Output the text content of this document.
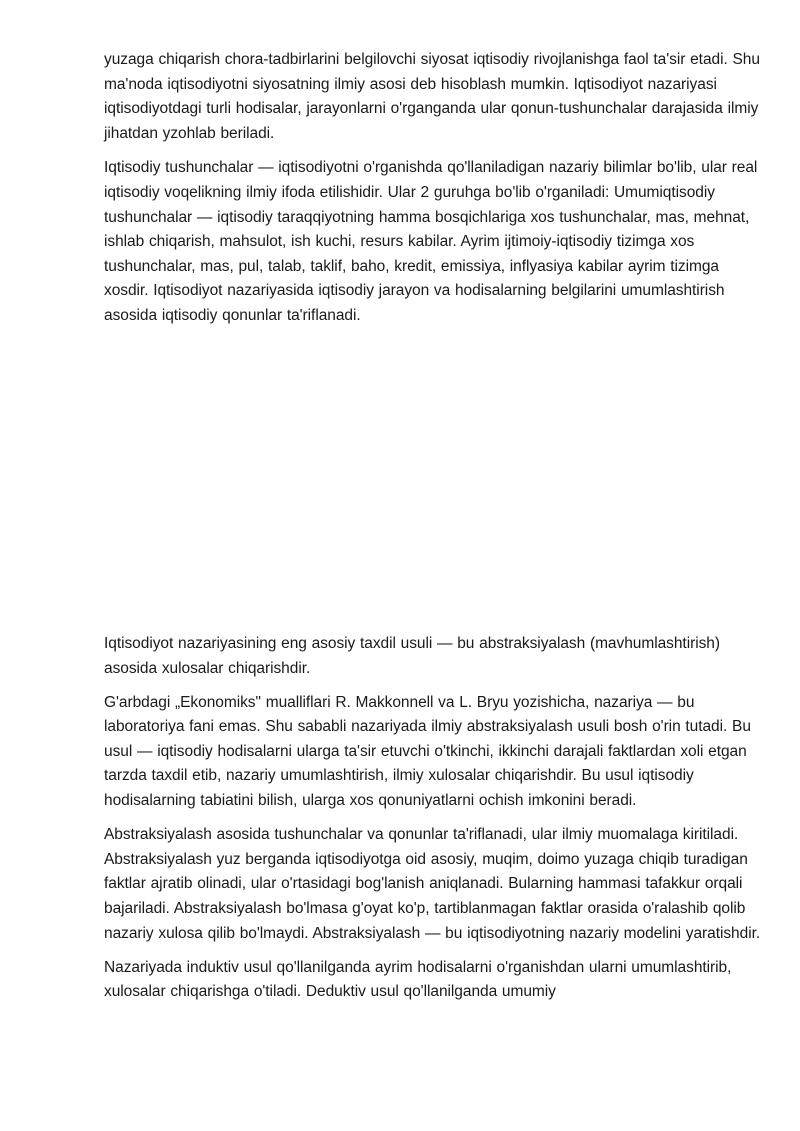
yuzaga chiqarish chora-tadbirlarini belgilovchi siyosat iqtisodiy rivojlanishga faol ta'sir etadi. Shu ma'noda iqtisodiyotni siyosatning ilmiy asosi deb hisoblash mumkin. Iqtisodiyot nazariyasi iqtisodiyotdagi turli hodisalar, jarayonlarni o'rganganda ular qonun-tushunchalar darajasida ilmiy jihatdan yzohlab beriladi.

Iqtisodiy tushunchalar — iqtisodiyotni o'rganishda qo'llaniladigan nazariy bilimlar bo'lib, ular real iqtisodiy voqelikning ilmiy ifoda etilishidir. Ular 2 guruhga bo'lib o'rganiladi: Umumiqtisodiy tushunchalar — iqtisodiy taraqqiyotning hamma bosqichlariga xos tushunchalar, mas, mehnat, ishlab chiqarish, mahsulot, ish kuchi, resurs kabilar. Ayrim ijtimoiy-iqtisodiy tizimga xos tushunchalar, mas, pul, talab, taklif, baho, kredit, emissiya, inflyasiya kabilar ayrim tizimga xosdir. Iqtisodiyot nazariyasida iqtisodiy jarayon va hodisalarning belgilarini umumlashtirish asosida iqtisodiy qonunlar ta'riflanadi.

Iqtisodiyot nazariyasining eng asosiy taxdil usuli — bu abstraksiyalash (mavhumlashtirish) asosida xulosalar chiqarishdir.

G'arbdagi „Ekonomiks" mualliflari R. Makkonnell va L. Bryu yozishicha, nazariya — bu laboratoriya fani emas. Shu sababli nazariyada ilmiy abstraksiyalash usuli bosh o'rin tutadi. Bu usul — iqtisodiy hodisalarni ularga ta'sir etuvchi o'tkinchi, ikkinchi darajali faktlardan xoli etgan tarzda taxdil etib, nazariy umumlashtirish, ilmiy xulosalar chiqarishdir. Bu usul iqtisodiy hodisalarning tabiatini bilish, ularga xos qonuniyatlarni ochish imkonini beradi.

Abstraksiyalash asosida tushunchalar va qonunlar ta'riflanadi, ular ilmiy muomalaga kiritiladi. Abstraksiyalash yuz berganda iqtisodiyotga oid asosiy, muqim, doimo yuzaga chiqib turadigan faktlar ajratib olinadi, ular o'rtasidagi bog'lanish aniqlanadi. Bularning hammasi tafakkur orqali bajariladi. Abstraksiyalash bo'lmasa g'oyat ko'p, tartiblanmagan faktlar orasida o'ralashib qolib nazariy xulosa qilib bo'lmaydi. Abstraksiyalash — bu iqtisodiyotning nazariy modelini yaratishdir.

Nazariyada induktiv usul qo'llanilganda ayrim hodisalarni o'rganishdan ularni umumlashtirib, xulosalar chiqarishga o'tiladi. Deduktiv usul qo'llanilganda umumiy
